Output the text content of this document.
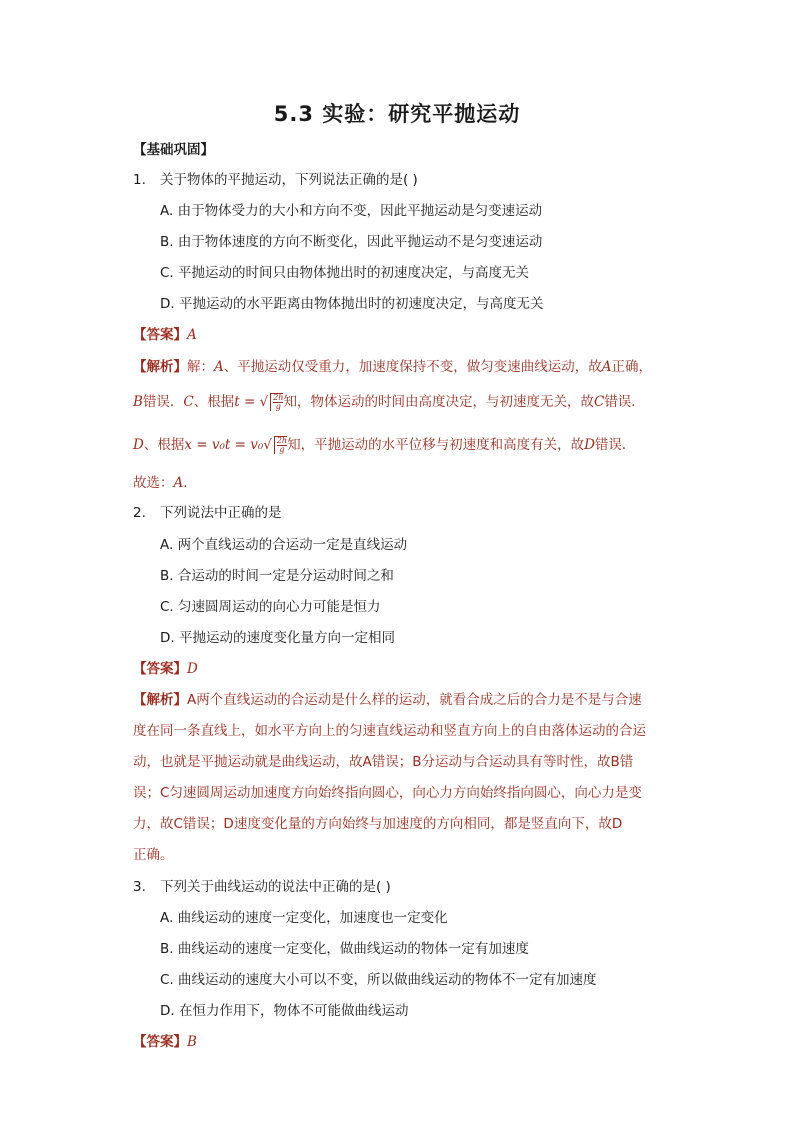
5.3 实验：研究平抛运动
【基础巩固】
1. 关于物体的平抛运动，下列说法正确的是( )
A. 由于物体受力的大小和方向不变，因此平抛运动是匀变速运动
B. 由于物体速度的方向不断变化，因此平抛运动不是匀变速运动
C. 平抛运动的时间只由物体抛出时的初速度决定，与高度无关
D. 平抛运动的水平距离由物体抛出时的初速度决定，与高度无关
【答案】A
【解析】解：A、平抛运动仅受重力，加速度保持不变，做匀变速曲线运动，故A正确，
B错误．C、根据t = √ $\frac{2h}{g}$ 知，物体运动的时间由高度决定，与初速度无关，故C错误．
D、根据$x = v_0t = v_0√ \frac{2h}{g}$ 知，平抛运动的水平位移与初速度和高度有关，故D错误．
故选：A．
2. 下列说法中正确的是
A. 两个直线运动的合运动一定是直线运动
B. 合运动的时间一定是分运动时间之和
C. 匀速圆周运动的向心力可能是恒力
D. 平抛运动的速度变化量方向一定相同
【答案】D
【解析】A两个直线运动的合运动是什么样的运动，就看合成之后的合力是不是与合速
度在同一条直线上，如水平方向上的匀速直线运动和竖直方向上的自由落体运动的合运
动，也就是平抛运动就是曲线运动，故A错误；B分运动与合运动具有等时性，故B错
误；C匀速圆周运动加速度方向始终指向圆心，向心力方向始终指向圆心，向心力是变
力，故C错误；D速度变化量的方向始终与加速度的方向相同，都是竖直向下，故D
正确。
3. 下列关于曲线运动的说法中正确的是( )
A. 曲线运动的速度一定变化，加速度也一定变化
B. 曲线运动的速度一定变化，做曲线运动的物体一定有加速度
C. 曲线运动的速度大小可以不变，所以做曲线运动的物体不一定有加速度
D. 在恒力作用下，物体不可能做曲线运动
【答案】B
